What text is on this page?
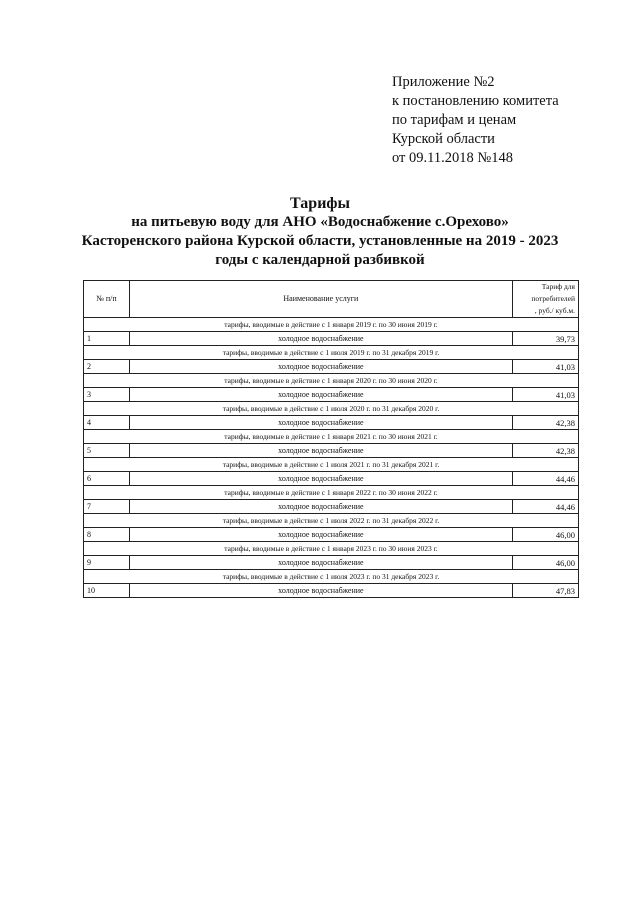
Приложение №2
к постановлению комитета
по тарифам и ценам
Курской области
от 09.11.2018 №148
Тарифы
на питьевую воду для АНО «Водоснабжение с.Орехово»
Касторенского района Курской области, установленные на 2019 - 2023
годы с календарной разбивкой
№ п/п	Наименование услуги	Тариф для
потребителей
, руб./ куб.м.
тарифы, вводимые в действие с 1 января 2019 г. по 30 июня 2019 г.		
1	холодное водоснабжение	39,73
тарифы, вводимые в действие с 1 июля 2019 г. по 31 декабря 2019 г.		
2	холодное водоснабжение	41,03
тарифы, вводимые в действие с 1 января 2020 г. по 30 июня 2020 г.		
3	холодное водоснабжение	41,03
тарифы, вводимые в действие с 1 июля 2020 г. по 31 декабря 2020 г.		
4	холодное водоснабжение	42,38
тарифы, вводимые в действие с 1 января 2021 г. по 30 июня 2021 г.		
5	холодное водоснабжение	42,38
тарифы, вводимые в действие с 1 июля 2021 г. по 31 декабря 2021 г.		
6	холодное водоснабжение	44,46
тарифы, вводимые в действие с 1 января 2022 г. по 30 июня 2022 г.		
7	холодное водоснабжение	44,46
тарифы, вводимые в действие с 1 июля 2022 г. по 31 декабря 2022 г.		
8	холодное водоснабжение	46,00
тарифы, вводимые в действие с 1 января 2023 г. по 30 июня 2023 г.		
9	холодное водоснабжение	46,00
тарифы, вводимые в действие с 1 июля 2023 г. по 31 декабря 2023 г.		
10	холодное водоснабжение	47,83
